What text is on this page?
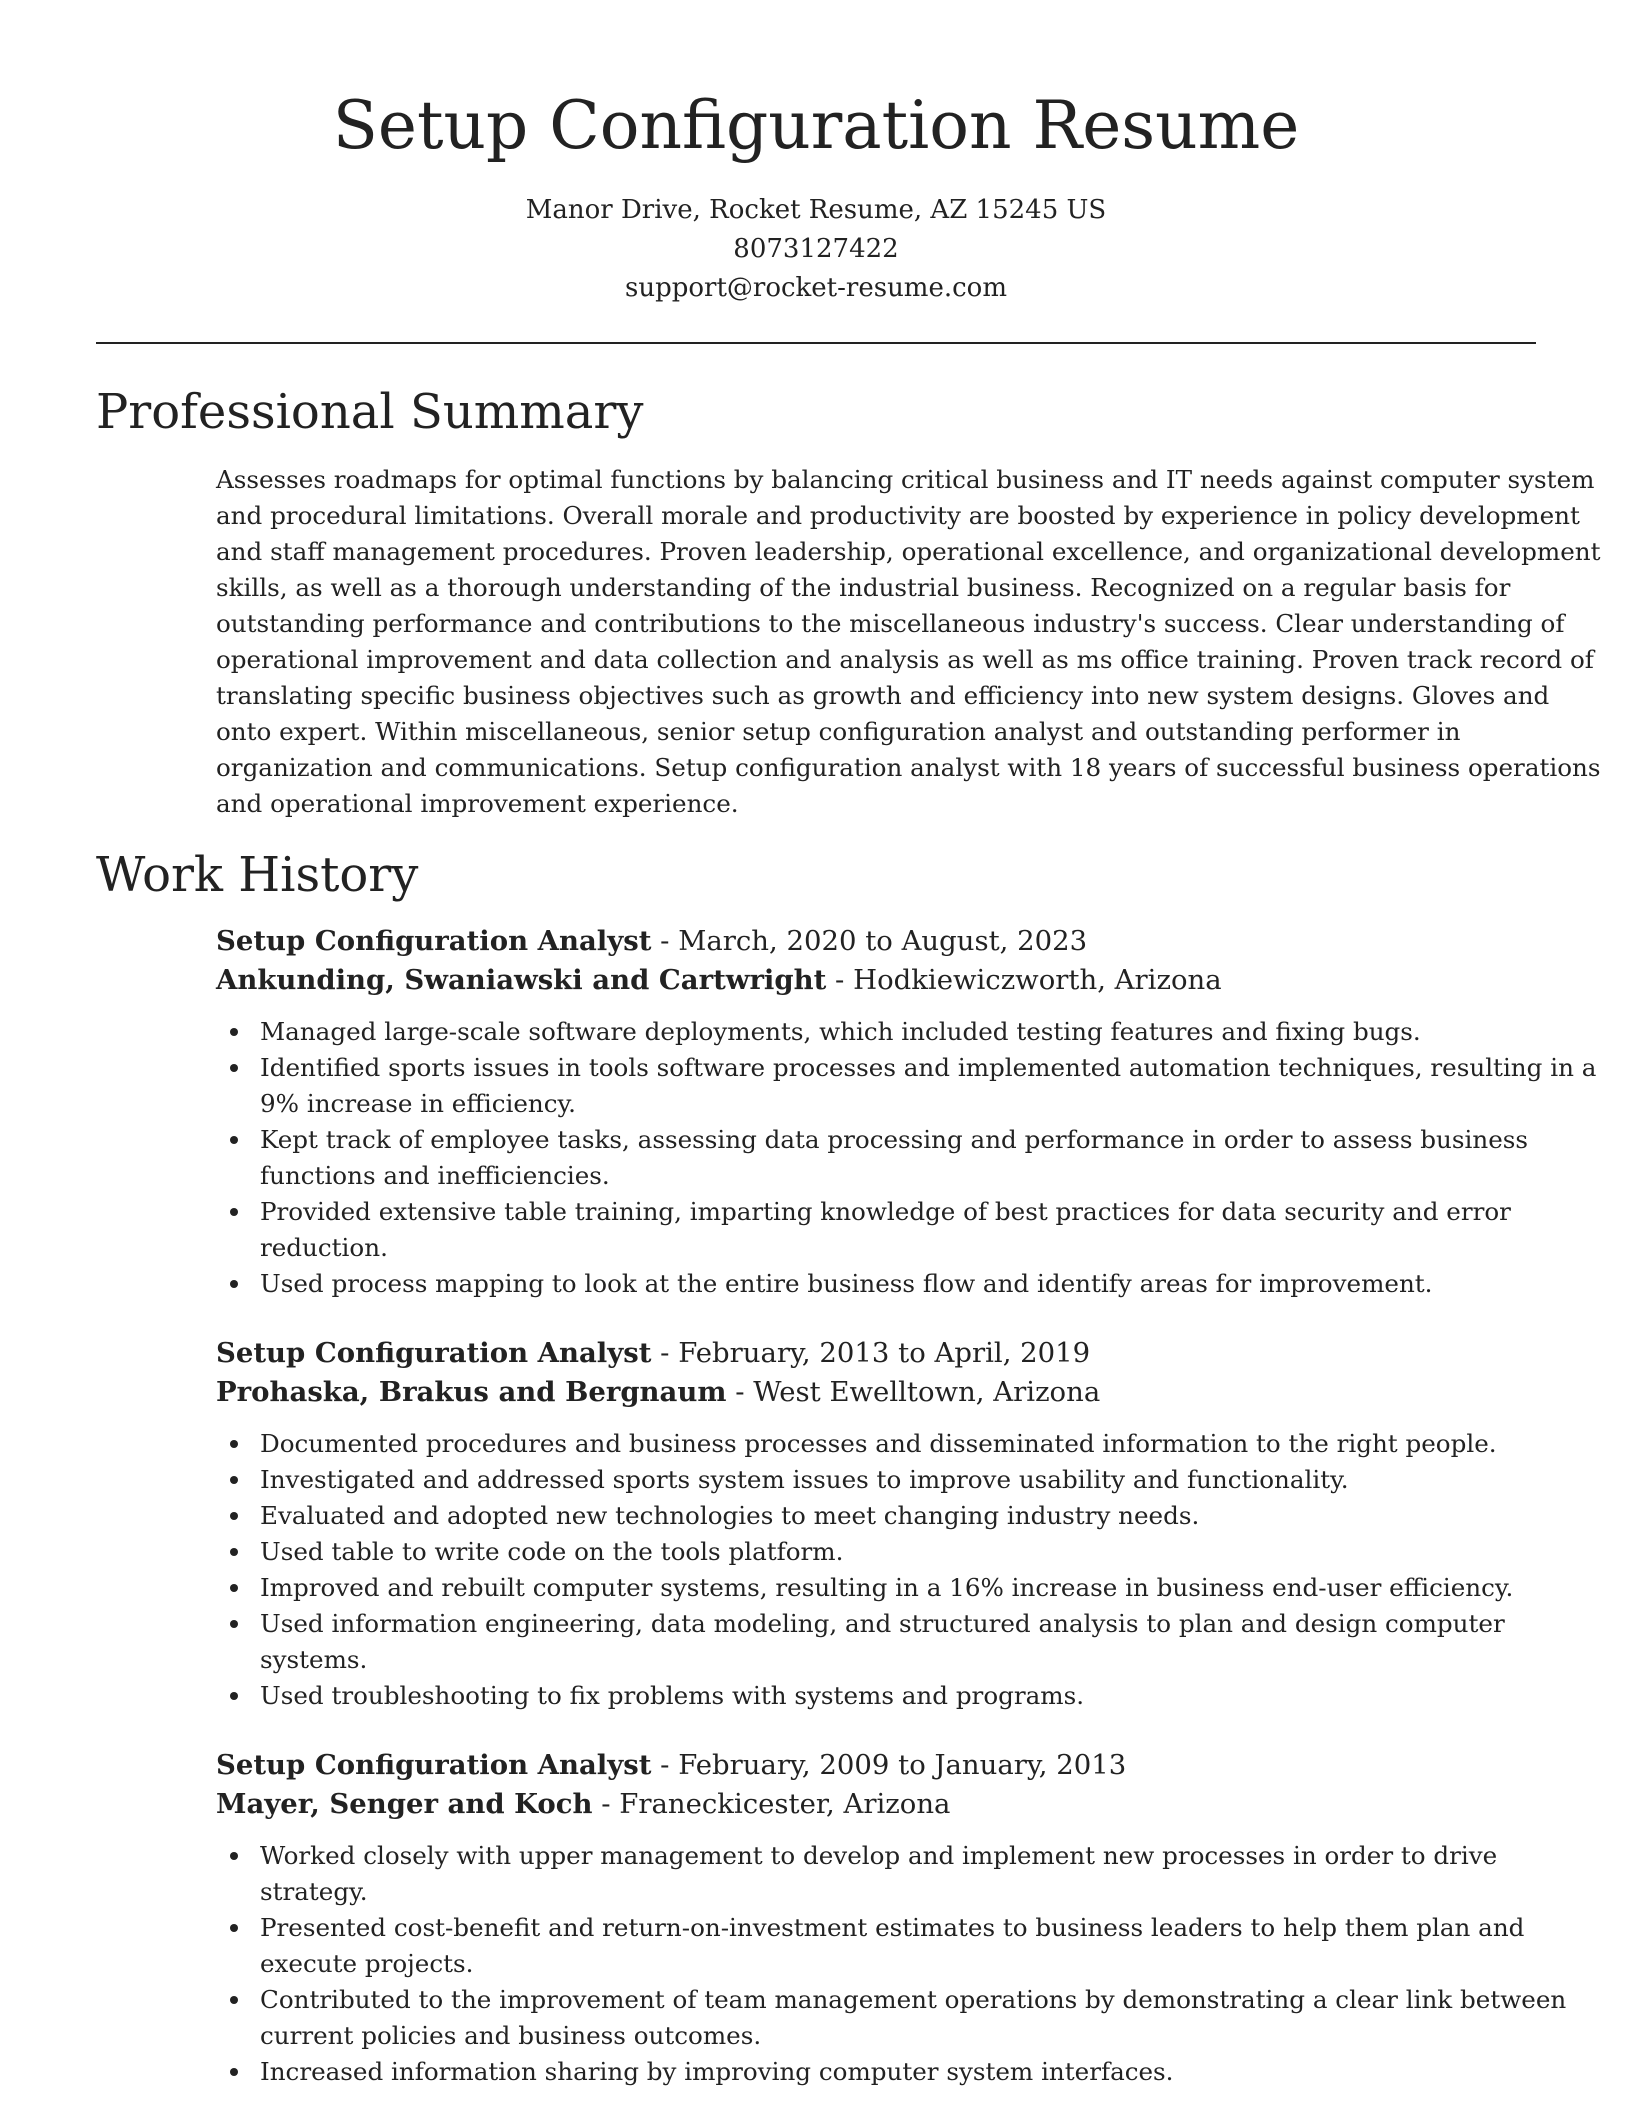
Setup Configuration Resume
Manor Drive, Rocket Resume, AZ 15245 US
8073127422
support@rocket-resume.com
Professional Summary

Assesses roadmaps for optimal functions by balancing critical business and IT needs against computer system
and procedural limitations. Overall morale and productivity are boosted by experience in policy development
and staff management procedures. Proven leadership, operational excellence, and organizational development
skills, as well as a thorough understanding of the industrial business. Recognized on a regular basis for
outstanding performance and contributions to the miscellaneous industry's success. Clear understanding of
operational improvement and data collection and analysis as well as ms office training. Proven track record of
translating specific business objectives such as growth and efficiency into new system designs. Gloves and
onto expert. Within miscellaneous, senior setup configuration analyst and outstanding performer in
organization and communications. Setup configuration analyst with 18 years of successful business operations
and operational improvement experience.

Work History
Setup Configuration Analyst - March, 2020 to August, 2023
Ankunding, Swaniawski and Cartwright - Hodkiewiczworth, Arizona
Managed large-scale software deployments, which included testing features and fixing bugs.
Identified sports issues in tools software processes and implemented automation techniques, resulting in a
9% increase in efficiency.
Kept track of employee tasks, assessing data processing and performance in order to assess business
functions and inefficiencies.
Provided extensive table training, imparting knowledge of best practices for data security and error
reduction.
Used process mapping to look at the entire business flow and identify areas for improvement.
Setup Configuration Analyst - February, 2013 to April, 2019
Prohaska, Brakus and Bergnaum - West Ewelltown, Arizona
Documented procedures and business processes and disseminated information to the right people.
Investigated and addressed sports system issues to improve usability and functionality.
Evaluated and adopted new technologies to meet changing industry needs.
Used table to write code on the tools platform.
Improved and rebuilt computer systems, resulting in a 16% increase in business end-user efficiency.
Used information engineering, data modeling, and structured analysis to plan and design computer
systems.
Used troubleshooting to fix problems with systems and programs.
Setup Configuration Analyst - February, 2009 to January, 2013
Mayer, Senger and Koch - Franeckicester, Arizona
Worked closely with upper management to develop and implement new processes in order to drive
strategy.
Presented cost-benefit and return-on-investment estimates to business leaders to help them plan and
execute projects.
Contributed to the improvement of team management operations by demonstrating a clear link between
current policies and business outcomes.
Increased information sharing by improving computer system interfaces.
